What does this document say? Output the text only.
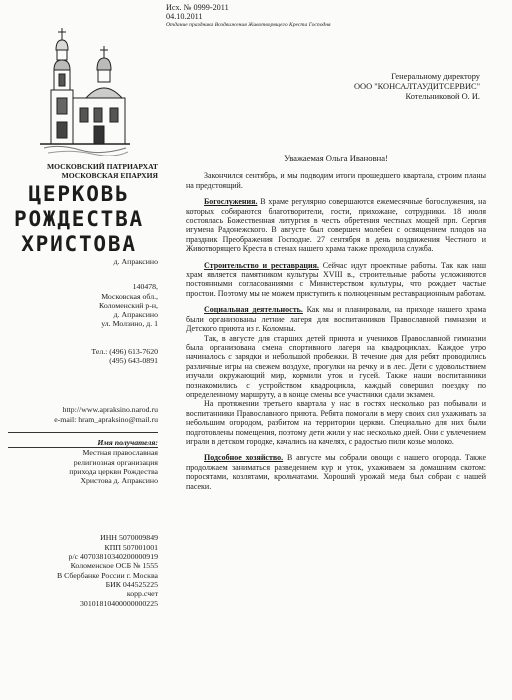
Исх. № 0999-2011
04.10.2011
Отдание праздника Воздвижения Животворящего Креста Господня
Генеральному директору
ООО "КОНСАЛТАУДИТСЕРВИС"
Котельниковой О. И.
МОСКОВСКИЙ ПАТРИАРХАТ
МОСКОВСКАЯ ЕПАРХИЯ
ЦЕРКОВЬ
РОЖДЕСТВА
ХРИСТОВА
д. Апраксино
140478,
Московская обл.,
Коломенский р-н,
д. Апраксино
ул. Молзино, д. 1
Тел.: (496) 613-7620
(495) 643-0891
http://www.apraksino.narod.ru
e-mail: hram_apraksino@mail.ru
Имя получателя:
Местная православная
религиозная организация
прихода церкви Рождества
Христова д. Апраксино
ИНН 5070009849
КПП 507001001
р/с 40703810340200000919
Коломенское ОСБ № 1555
В Сбербанке России г. Москва
БИК 044525225
корр.счет
30101810400000000225

Уважаемая Ольга Ивановна!

Закончился сентябрь, и мы подводим итоги прошедшего квартала, строим планы на предстоящий.

Богослужения. В храме регулярно совершаются ежемесячные богослужения, на которых собираются благотворители, гости, прихожане, сотрудники. 18 июля состоялась Божественная литургия в честь обретения честных мощей прп. Сергия игумена Радонежского. В августе был совершен молебен с освящением плодов на праздник Преображения Господне. 27 сентября в день воздвижения Честного и Животворящего Креста в стенах нашего храма также проходила служба.

Строительство и реставрация. Сейчас идут проектные работы. Так как наш храм является памятником культуры XVIII в., строительные работы усложняются постоянными согласованиями с Министерством культуры, что рождает частые простои. Поэтому мы не можем приступить к полноценным реставрационным работам.

Социальная деятельность. Как мы и планировали, на приходе нашего храма были организованы летние лагеря для воспитанников Православной гимназии и Детского приюта из г. Коломны.

Так, в августе для старших детей приюта и учеников Православной гимназии была организована смена спортивного лагеря на квадроциклах. Каждое утро начиналось с зарядки и небольшой пробежки. В течение дня для ребят проводились различные игры на свежем воздухе, прогулки на речку и в лес. Дети с удовольствием изучали окружающий мир, кормили уток и гусей. Также наши воспитанники познакомились с устройством квадроцикла, каждый совершил поездку по определенному маршруту, а в конце смены все участники сдали экзамен.

На протяжении третьего квартала у нас в гостях несколько раз побывали и воспитанники Православного приюта. Ребята помогали в меру своих сил ухаживать за небольшим огородом, разбитом на территории церкви. Специально для них были подготовлены помещения, поэтому дети жили у нас несколько дней. Они с увлечением играли в детском городке, качались на качелях, с радостью пили козье молоко.

Подсобное хозяйство. В августе мы собрали овощи с нашего огорода. Также продолжаем заниматься разведением кур и уток, ухаживаем за домашним скотом: поросятами, козлятами, крольчатами. Хороший урожай меда был собран с нашей пасеки.
